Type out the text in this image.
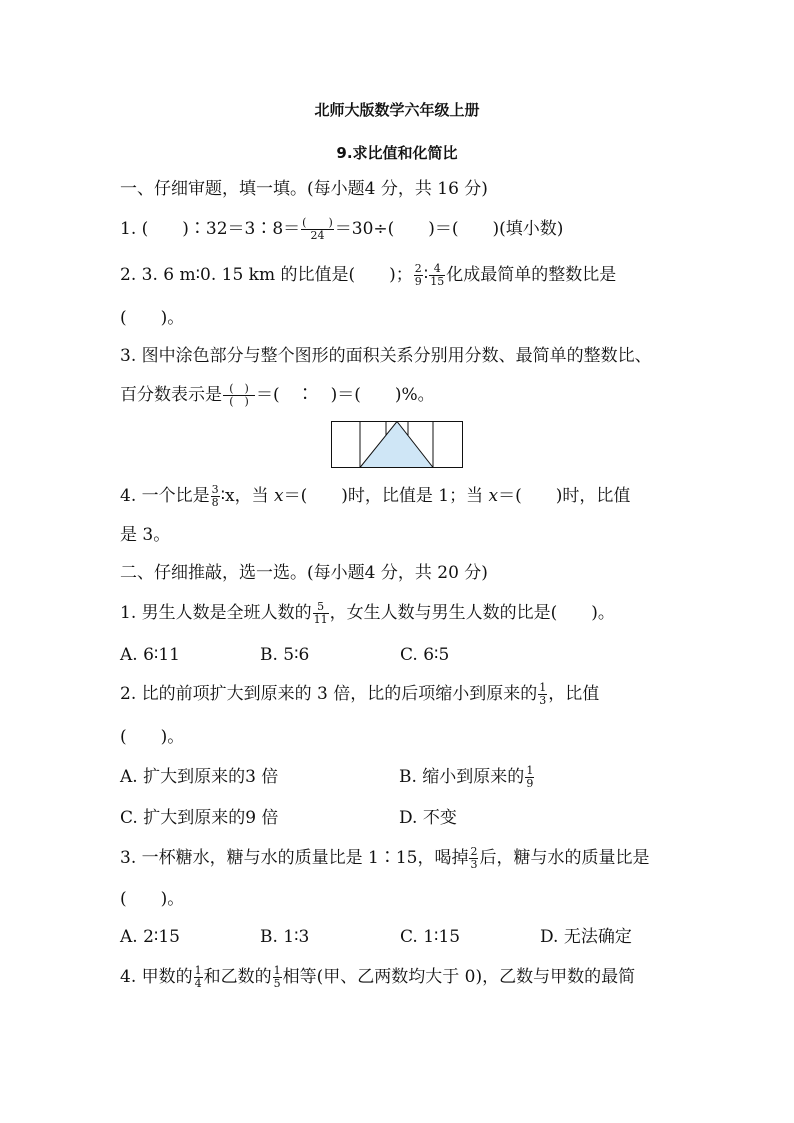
北师大版数学六年级上册
9.求比值和化简比
一、仔细审题，填一填。(每小题4 分，共 16 分)
1. (　　)∶32＝3∶8＝ $\frac{( )}{24} =30\div$(　　)＝(　　)(填小数)
2. 3. 6 m∶0. 15 km 的比值是(　　)； $\frac{2}{9}$ ∶ $\frac{4}{15}$ 化成最简单的整数比是
(　　)。
3. 图中涂色部分与整个图形的面积关系分别用分数、最简单的整数比、
百分数表示是 $\frac{( )}{( )}$ ＝(　∶　)＝(　　)%。
4. 一个比是 $\frac{3}{8}$ ∶x，当 x＝(　　)时，比值是 1；当 x＝(　　)时，比值
是 3。
二、仔细推敲，选一选。(每小题4 分，共 20 分)
1. 男生人数是全班人数的 $\frac{5}{11}$ ，女生人数与男生人数的比是(　　)。
A. 6∶11	B. 5∶6	C. 6∶5
2. 比的前项扩大到原来的 3 倍，比的后项缩小到原来的 $\frac{1}{3}$ ，比值
(　　)。
A. 扩大到原来的3 倍	B. 缩小到原来的 $\frac{1}{9}$
C. 扩大到原来的9 倍	D. 不变
3. 一杯糖水，糖与水的质量比是 1∶15，喝掉 $\frac{2}{3}$ 后，糖与水的质量比是
(　　)。
A. 2∶15	B. 1∶3	C. 1∶15	D. 无法确定
4. 甲数的 $\frac{1}{4}$ 和乙数的 $\frac{1}{5}$ 相等(甲、乙两数均大于 0)，乙数与甲数的最简
